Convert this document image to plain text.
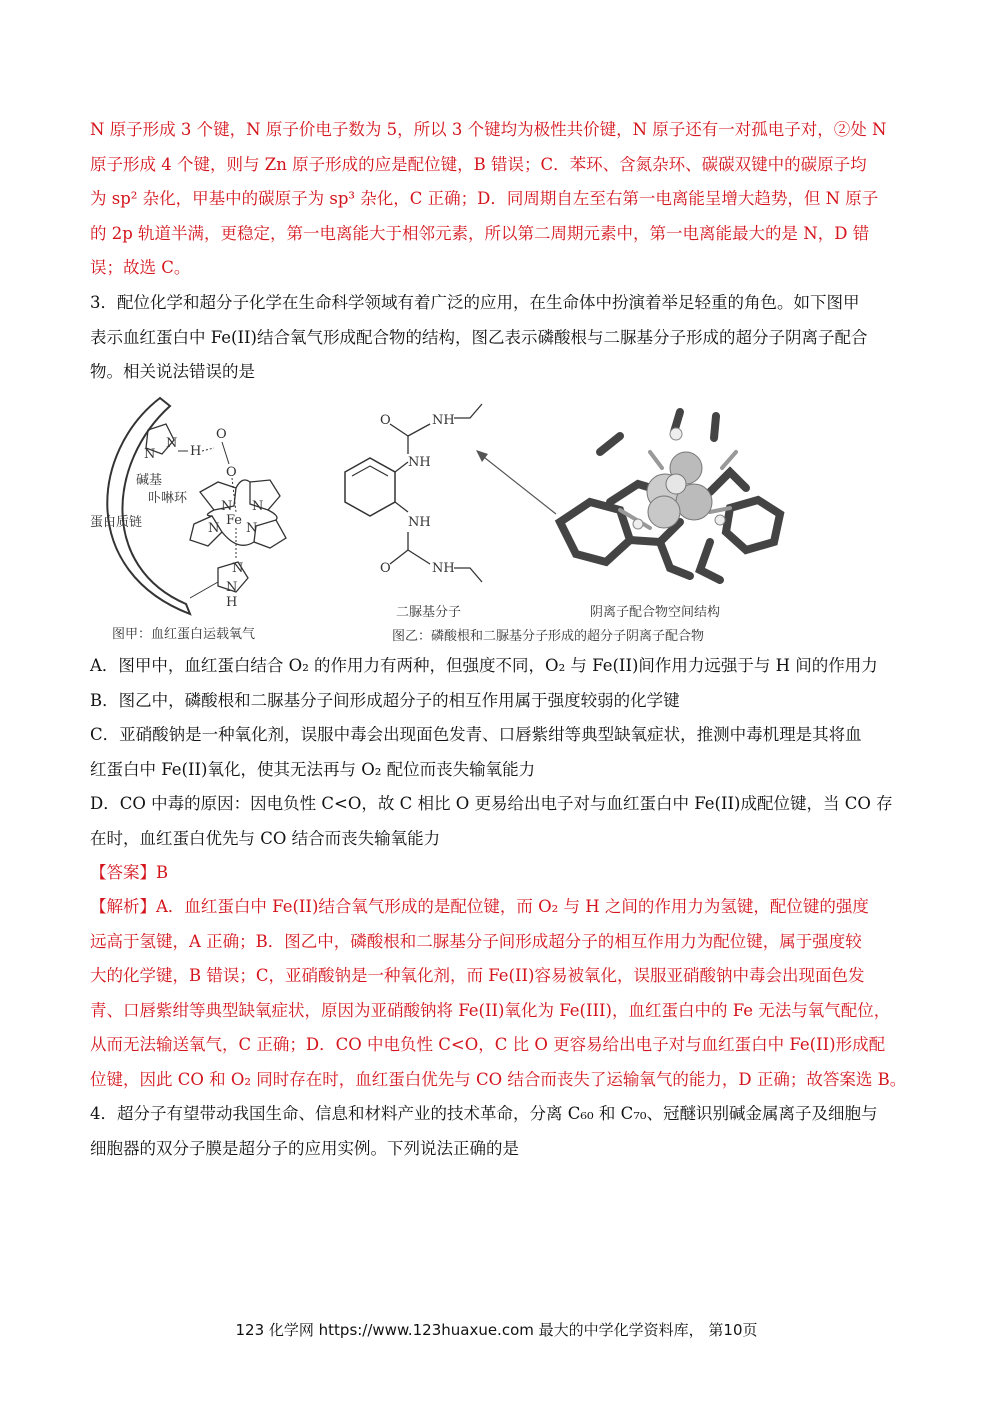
N 原子形成 3 个键，N 原子价电子数为 5，所以 3 个键均为极性共价键，N 原子还有一对孤电子对，②处 N
原子形成 4 个键，则与 Zn 原子形成的应是配位键，B 错误；C．苯环、含氮杂环、碳碳双键中的碳原子均
为 sp² 杂化，甲基中的碳原子为 sp³ 杂化，C 正确；D．同周期自左至右第一电离能呈增大趋势，但 N 原子
的 2p 轨道半满，更稳定，第一电离能大于相邻元素，所以第二周期元素中，第一电离能最大的是 N，D 错
误；故选 C。
3．配位化学和超分子化学在生命科学领域有着广泛的应用，在生命体中扮演着举足轻重的角色。如下图甲
表示血红蛋白中 Fe(II)结合氧气形成配合物的结构，图乙表示磷酸根与二脲基分子形成的超分子阴离子配合
物。相关说法错误的是
N
N	H
O
O
碱基
卟啉环
蛋白质链
N N
N N
Fe
N
N
H
图甲：血红蛋白运载氧气
NH
NH
O	NH
O	NH
二脲基分子	阴离子配合物空间结构
图乙：磷酸根和二脲基分子形成的超分子阴离子配合物
A．图甲中，血红蛋白结合 O₂ 的作用力有两种，但强度不同，O₂ 与 Fe(II)间作用力远强于与 H 间的作用力
B．图乙中，磷酸根和二脲基分子间形成超分子的相互作用属于强度较弱的化学键
C．亚硝酸钠是一种氧化剂，误服中毒会出现面色发青、口唇紫绀等典型缺氧症状，推测中毒机理是其将血
红蛋白中 Fe(II)氧化，使其无法再与 O₂ 配位而丧失输氧能力
D．CO 中毒的原因：因电负性 C<O，故 C 相比 O 更易给出电子对与血红蛋白中 Fe(II)成配位键，当 CO 存
在时，血红蛋白优先与 CO 结合而丧失输氧能力
【答案】B
【解析】A．血红蛋白中 Fe(II)结合氧气形成的是配位键，而 O₂ 与 H 之间的作用力为氢键，配位键的强度
远高于氢键，A 正确；B．图乙中，磷酸根和二脲基分子间形成超分子的相互作用力为配位键，属于强度较
大的化学键，B 错误；C，亚硝酸钠是一种氧化剂，而 Fe(II)容易被氧化，误服亚硝酸钠中毒会出现面色发
青、口唇紫绀等典型缺氧症状，原因为亚硝酸钠将 Fe(II)氧化为 Fe(III)，血红蛋白中的 Fe 无法与氧气配位，
从而无法输送氧气，C 正确；D．CO 中电负性 C<O，C 比 O 更容易给出电子对与血红蛋白中 Fe(II)形成配
位键，因此 CO 和 O₂ 同时存在时，血红蛋白优先与 CO 结合而丧失了运输氧气的能力，D 正确；故答案选 B。
4．超分子有望带动我国生命、信息和材料产业的技术革命，分离 C₆₀ 和 C₇₀、冠醚识别碱金属离子及细胞与
细胞器的双分子膜是超分子的应用实例。下列说法正确的是
123 化学网 https://www.123huaxue.com 最大的中学化学资料库， 第10页
